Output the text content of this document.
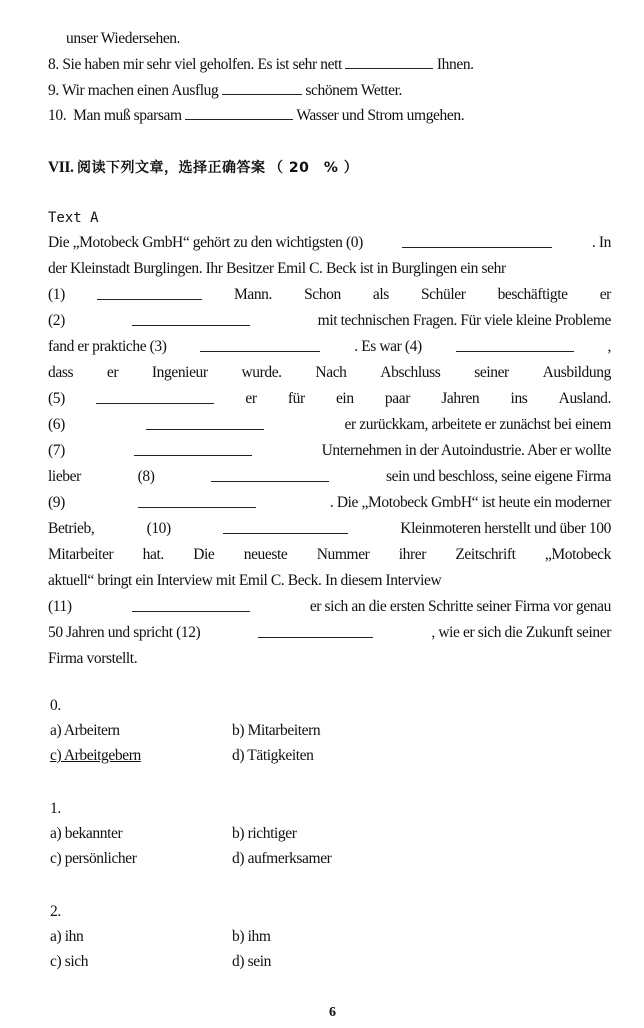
unser Wiedersehen.
8. Sie haben mir sehr viel geholfen. Es ist sehr nett	Ihnen.
9. Wir machen einen Ausflug	schönem Wetter.
10. Man muß sparsam	Wasser und Strom umgehen.
VII. 阅读下列文章，选择正确答案 （ 20　% ）
Text A
Die „Motobeck GmbH“ gehört zu den wichtigsten (0)	. In
der Kleinstadt Burglingen. Ihr Besitzer Emil C. Beck ist in Burglingen ein sehr
(1)	Mann. Schon als Schüler beschäftigte er
(2)	mit technischen Fragen. Für viele kleine Probleme
fand er praktiche (3)	. Es war (4)	,
dass er Ingenieur wurde. Nach Abschluss seiner Ausbildung
(5)	er für ein paar Jahren ins Ausland.
(6)	er zurückkam, arbeitete er zunächst bei einem
(7)	Unternehmen in der Autoindustrie. Aber er wollte
lieber	(8)	sein und beschloss, seine eigene Firma
(9)	. Die „Motobeck GmbH“ ist heute ein moderner
Betrieb,	(10)	Kleinmoteren herstellt und über 100
Mitarbeiter hat. Die neueste Nummer ihrer Zeitschrift „Motobeck
aktuell“ bringt ein Interview mit Emil C. Beck. In diesem Interview
(11)	er sich an die ersten Schritte seiner Firma vor genau
50 Jahren und spricht (12)	, wie er sich die Zukunft seiner
Firma vorstellt.
0.
a) Arbeitern	b) Mitarbeitern
c) Arbeitgebern	d) Tätigkeiten
1.
a) bekannter	b) richtiger
c) persönlicher	d) aufmerksamer
2.
a) ihn	b) ihm
c) sich	d) sein
6
